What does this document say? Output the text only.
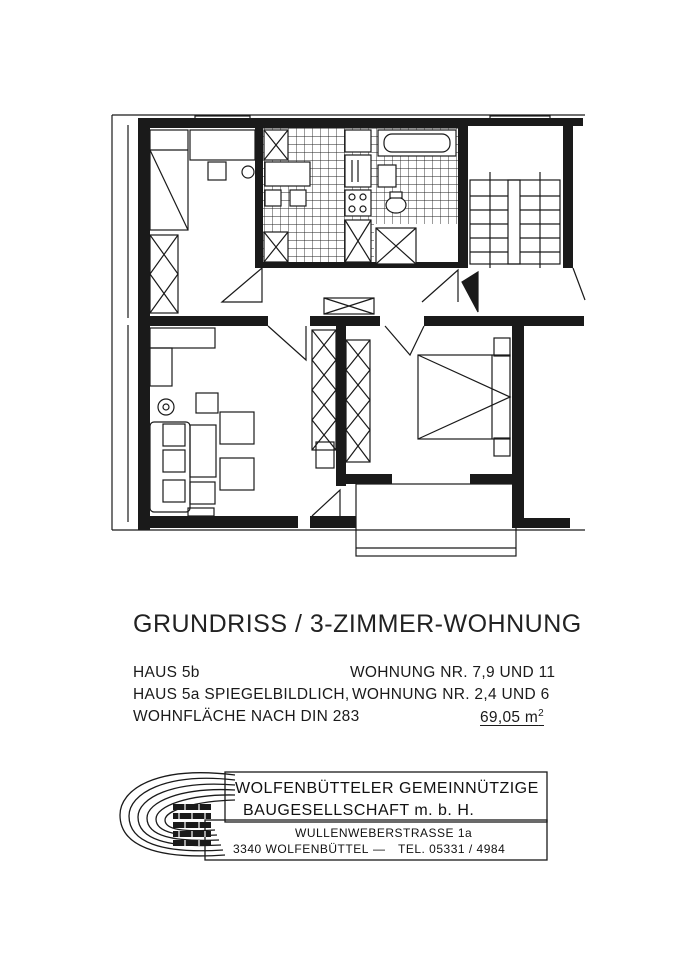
GRUNDRISS / 3-ZIMMER-WOHNUNG
HAUS 5b	WOHNUNG NR. 7,9 UND 11
HAUS 5a SPIEGELBILDLICH, WOHNUNG NR. 2,4 UND 6
WOHNFLÄCHE NACH DIN 283	69,05 $m^2$
WOLFENBÜTTELER GEMEINNÜTZIGE
BAUGESELLSCHAFT m. b. H.
WULLENWEBERSTRASSE 1a
3340 WOLFENBÜTTEL — TEL. 05331 / 4984
